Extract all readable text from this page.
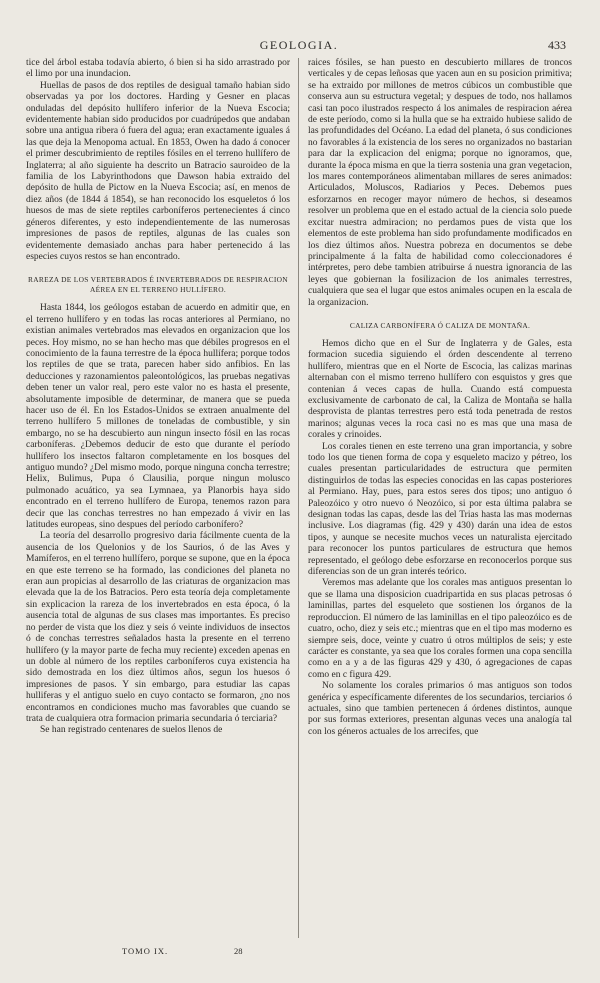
GEOLOGIA.	433

tice del árbol estaba todavía abierto, ó bien si ha sido arrastrado por el limo por una inundacion.

Huellas de pasos de dos reptiles de desigual tamaño habian sido observadas ya por los doctores. Harding y Gesner en placas onduladas del depósito hullífero inferior de la Nueva Escocia; evidentemente habian sido producidos por cuadrúpedos que andaban sobre una antigua ribera ó fuera del agua; eran exactamente iguales á las que deja la Menopoma actual. En 1853, Owen ha dado á conocer el primer descubrimiento de reptiles fósiles en el terreno hullífero de Inglaterra; al año siguiente ha descrito un Batracio sauroideo de la familia de los Labyrinthodons que Dawson habia extraido del depósito de hulla de Pictow en la Nueva Escocia; así, en menos de diez años (de 1844 á 1854), se han reconocido los esqueletos ó los huesos de mas de siete reptiles carboníferos pertenecientes á cinco géneros diferentes, y esto independientemente de las numerosas impresiones de pasos de reptiles, algunas de las cuales son evidentemente demasiado anchas para haber pertenecido á las especies cuyos restos se han encontrado.

RAREZA DE LOS VERTEBRADOS É INVERTEBRADOS DE RESPIRACION AÉREA EN EL TERRENO HULLÍFERO.

Hasta 1844, los geólogos estaban de acuerdo en admitir que, en el terreno hullífero y en todas las rocas anteriores al Permiano, no existian animales vertebrados mas elevados en organizacion que los peces. Hoy mismo, no se han hecho mas que débiles progresos en el conocimiento de la fauna terrestre de la época hullífera; porque todos los reptiles de que se trata, parecen haber sido anfibios. En las deducciones y razonamientos paleontológicos, las pruebas negativas deben tener un valor real, pero este valor no es hasta el presente, absolutamente imposible de determinar, de manera que se pueda hacer uso de él. En los Estados-Unidos se extraen anualmente del terreno hullífero 5 millones de toneladas de combustible, y sin embargo, no se ha descubierto aun ningun insecto fósil en las rocas carboníferas. ¿Debemos deducir de esto que durante el período hullífero los insectos faltaron completamente en los bosques del antiguo mundo? ¿Del mismo modo, porque ninguna concha terrestre; Helix, Bulimus, Pupa ó Clausilia, porque ningun molusco pulmonado acuático, ya sea Lymnaea, ya Planorbis haya sido encontrado en el terreno hullífero de Europa, tenemos razon para decir que las conchas terrestres no han empezado á vivir en las latitudes europeas, sino despues del período carbonífero?

La teoría del desarrollo progresivo daria fácilmente cuenta de la ausencia de los Quelonios y de los Saurios, ó de las Aves y Mamíferos, en el terreno hullífero, porque se supone, que en la época en que este terreno se ha formado, las condiciones del planeta no eran aun propicias al desarrollo de las criaturas de organizacion mas elevada que la de los Batracios. Pero esta teoría deja completamente sin explicacion la rareza de los invertebrados en esta época, ó la ausencia total de algunas de sus clases mas importantes. Es preciso no perder de vista que los diez y seis ó veinte individuos de insectos ó de conchas terrestres señalados hasta la presente en el terreno hullífero (y la mayor parte de fecha muy reciente) exceden apenas en un doble al número de los reptiles carboníferos cuya existencia ha sido demostrada en los diez últimos años, segun los huesos ó impresiones de pasos. Y sin embargo, para estudiar las capas hulliferas y el antiguo suelo en cuyo contacto se formaron, ¿no nos encontramos en condiciones mucho mas favorables que cuando se trata de cualquiera otra formacion primaria secundaria ó terciaria?

Se han registrado centenares de suelos llenos de

raices fósiles, se han puesto en descubierto millares de troncos verticales y de cepas leñosas que yacen aun en su posicion primitiva; se ha extraido por millones de metros cúbicos un combustible que conserva aun su estructura vegetal; y despues de todo, nos hallamos casi tan poco ilustrados respecto á los animales de respiracion aérea de este período, como si la hulla que se ha extraido hubiese salido de las profundidades del Océano. La edad del planeta, ó sus condiciones no favorables á la existencia de los seres no organizados no bastarian para dar la explicacion del enigma; porque no ignoramos, que, durante la época misma en que la tierra sostenia una gran vegetacion, los mares contemporáneos alimentaban millares de seres animados: Articulados, Moluscos, Radiarios y Peces. Debemos pues esforzarnos en recoger mayor número de hechos, si deseamos resolver un problema que en el estado actual de la ciencia solo puede excitar nuestra admiracion; no perdamos pues de vista que los elementos de este problema han sido profundamente modificados en los diez últimos años. Nuestra pobreza en documentos se debe principalmente á la falta de habilidad como coleccionadores é intérpretes, pero debe tambien atribuirse á nuestra ignorancia de las leyes que gobiernan la fosilizacion de los animales terrestres, cualquiera que sea el lugar que estos animales ocupen en la escala de la organizacion.

CALIZA CARBONÍFERA Ó CALIZA DE MONTAÑA.

Hemos dicho que en el Sur de Inglaterra y de Gales, esta formacion sucedia siguiendo el órden descendente al terreno hullífero, mientras que en el Norte de Escocia, las calizas marinas alternaban con el mismo terreno hullífero con esquistos y gres que contenian á veces capas de hulla. Cuando está compuesta exclusivamente de carbonato de cal, la Caliza de Montaña se halla desprovista de plantas terrestres pero está toda penetrada de restos marinos; algunas veces la roca casi no es mas que una masa de corales y crinoides.

Los corales tienen en este terreno una gran importancia, y sobre todo los que tienen forma de copa y esqueleto macizo y pétreo, los cuales presentan particularidades de estructura que permiten distinguirlos de todas las especies conocidas en las capas posteriores al Permiano. Hay, pues, para estos seres dos tipos; uno antiguo ó Paleozóico y otro nuevo ó Neozóico, si por esta última palabra se designan todas las capas, desde las del Trias hasta las mas modernas inclusive. Los diagramas (fig. 429 y 430) darán una idea de estos tipos, y aunque se necesite muchos veces un naturalista ejercitado para reconocer los puntos particulares de estructura que hemos representado, el geólogo debe esforzarse en reconocerlos porque sus diferencias son de un gran interés teórico.

Veremos mas adelante que los corales mas antiguos presentan lo que se llama una disposicion cuadripartida en sus placas petrosas ó laminillas, partes del esqueleto que sostienen los órganos de la reproduccion. El número de las laminillas en el tipo paleozóico es de cuatro, ocho, diez y seis etc.; mientras que en el tipo mas moderno es siempre seis, doce, veinte y cuatro ú otros múltiplos de seis; y este carácter es constante, ya sea que los corales formen una copa sencilla como en a y a de las figuras 429 y 430, ó agregaciones de capas como en c figura 429.

No solamente los corales primarios ó mas antiguos son todos genérica y específicamente diferentes de los secundarios, terciarios ó actuales, sino que tambien pertenecen á órdenes distintos, aunque por sus formas exteriores, presentan algunas veces una analogía tal con los géneros actuales de los arrecifes, que

TOMO IX.	28
